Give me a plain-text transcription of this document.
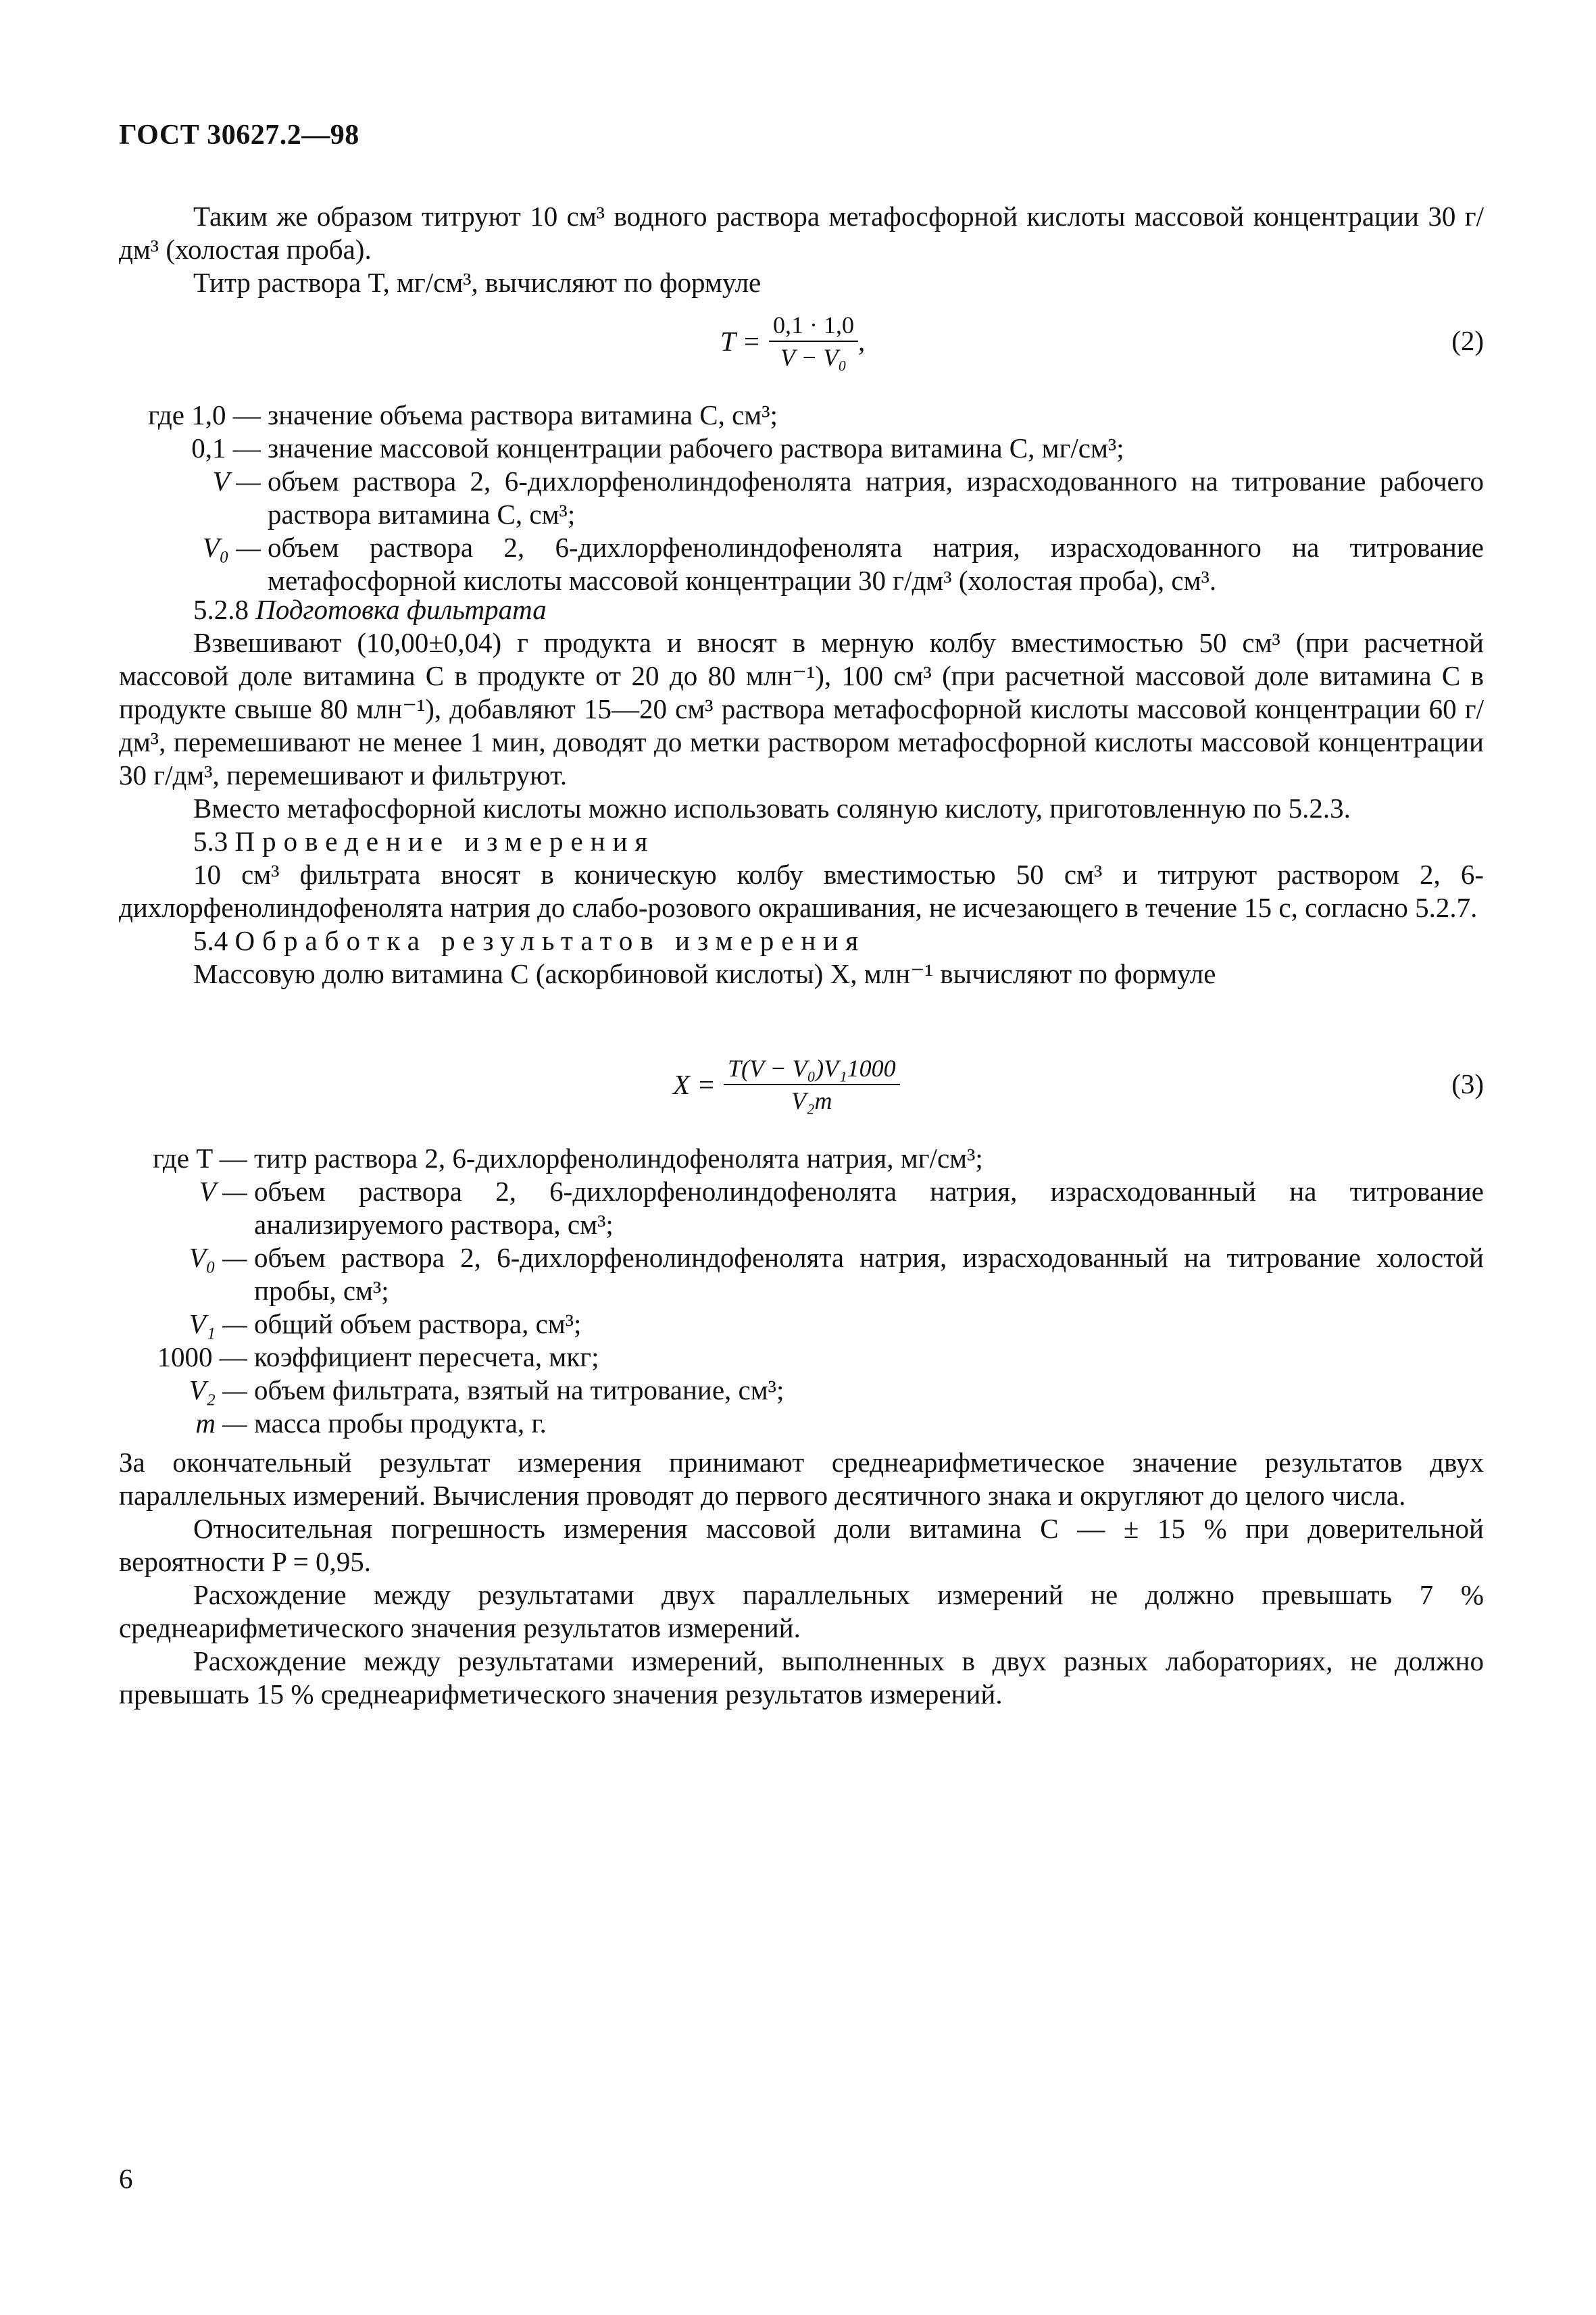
ГОСТ 30627.2—98

Таким же образом титруют 10 см³ водного раствора метафосфорной кислоты массовой концентрации 30 г/дм³ (холостая проба).

Титр раствора T, мг/см³, вычисляют по формуле

$T = \frac{0,1 \cdot 1,0}{\text{V − V₀}}$ ,	(2)
где 1,0 — значение объема раствора витамина С, см³;
0,1 — значение массовой концентрации рабочего раствора витамина С, мг/см³;
V — объем раствора 2, 6-дихлорфенолиндофенолята натрия, израсходованного на титрование рабочего раствора витамина С, см³;
V₀ — объем раствора 2, 6-дихлорфенолиндофенолята натрия, израсходованного на титрование метафосфорной кислоты массовой концентрации 30 г/дм³ (холостая проба), см³.

5.2.8 Подготовка фильтрата

Взвешивают (10,00±0,04) г продукта и вносят в мерную колбу вместимостью 50 см³ (при расчетной массовой доле витамина С в продукте от 20 до 80 млн⁻¹), 100 см³ (при расчетной массовой доле витамина С в продукте свыше 80 млн⁻¹), добавляют 15—20 см³ раствора метафосфорной кислоты массовой концентрации 60 г/дм³, перемешивают не менее 1 мин, доводят до метки раствором метафосфорной кислоты массовой концентрации 30 г/дм³, перемешивают и фильтруют.

Вместо метафосфорной кислоты можно использовать соляную кислоту, приготовленную по 5.2.3.

5.3 Проведение измерения

10 см³ фильтрата вносят в коническую колбу вместимостью 50 см³ и титруют раствором 2, 6-дихлорфенолиндофенолята натрия до слабо-розового окрашивания, не исчезающего в течение 15 с, согласно 5.2.7.

5.4 Обработка результатов измерения

Массовую долю витамина С (аскорбиновой кислоты) X, млн⁻¹ вычисляют по формуле

$X = \frac{\text{T(V − V₀)V₁1000}}{\text{V₂m}}$	(3)
где T — титр раствора 2, 6-дихлорфенолиндофенолята натрия, мг/см³;
V — объем раствора 2, 6-дихлорфенолиндофенолята натрия, израсходованный на титрование анализируемого раствора, см³;
V₀ — объем раствора 2, 6-дихлорфенолиндофенолята натрия, израсходованный на титрование холостой пробы, см³;
V₁ — общий объем раствора, см³;
1000 — коэффициент пересчета, мкг;
V₂ — объем фильтрата, взятый на титрование, см³;
m — масса пробы продукта, г.

За окончательный результат измерения принимают среднеарифметическое значение результатов двух параллельных измерений. Вычисления проводят до первого десятичного знака и округляют до целого числа.

Относительная погрешность измерения массовой доли витамина С — ± 15 % при доверительной вероятности P = 0,95.

Расхождение между результатами двух параллельных измерений не должно превышать 7 % среднеарифметического значения результатов измерений.

Расхождение между результатами измерений, выполненных в двух разных лабораториях, не должно превышать 15 % среднеарифметического значения результатов измерений.

6
